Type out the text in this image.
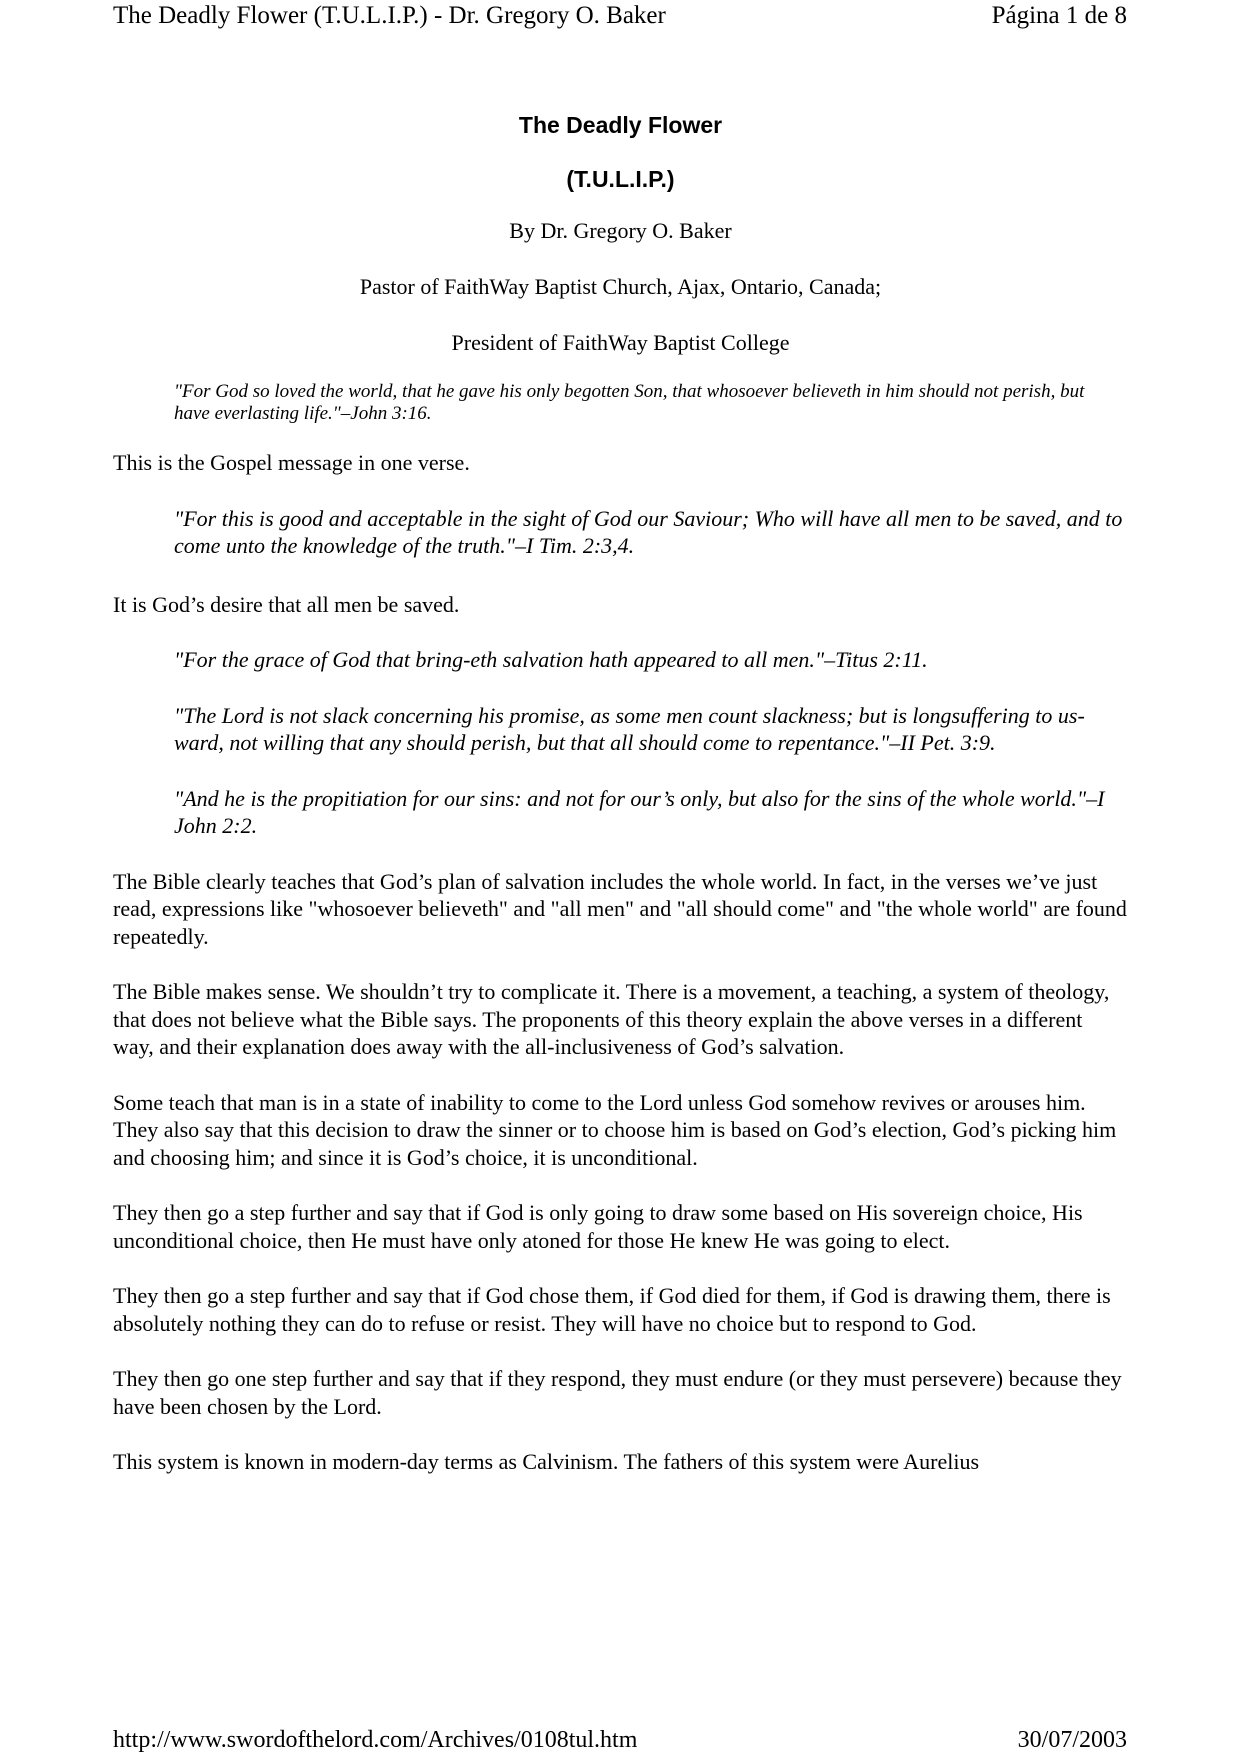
The Deadly Flower (T.U.L.I.P.) - Dr. Gregory O. Baker	Página 1 de 8
The Deadly Flower
(T.U.L.I.P.)
By Dr. Gregory O. Baker
Pastor of FaithWay Baptist Church, Ajax, Ontario, Canada;
President of FaithWay Baptist College
"For God so loved the world, that he gave his only begotten Son, that whosoever believeth in him should not perish, but have everlasting life."–John 3:16.

This is the Gospel message in one verse.

"For this is good and acceptable in the sight of God our Saviour; Who will have all men to be saved, and to come unto the knowledge of the truth."–I Tim. 2:3,4.

It is God’s desire that all men be saved.

"For the grace of God that bring-eth salvation hath appeared to all men."–Titus 2:11.

"The Lord is not slack concerning his promise, as some men count slackness; but is longsuffering to us-ward, not willing that any should perish, but that all should come to repentance."–II Pet. 3:9.

"And he is the propitiation for our sins: and not for our’s only, but also for the sins of the whole world."–I John 2:2.

The Bible clearly teaches that God’s plan of salvation includes the whole world. In fact, in the verses we’ve just read, expressions like "whosoever believeth" and "all men" and "all should come" and "the whole world" are found repeatedly.

The Bible makes sense. We shouldn’t try to complicate it. There is a movement, a teaching, a system of theology, that does not believe what the Bible says. The proponents of this theory explain the above verses in a different way, and their explanation does away with the all-inclusiveness of God’s salvation.

Some teach that man is in a state of inability to come to the Lord unless God somehow revives or arouses him. They also say that this decision to draw the sinner or to choose him is based on God’s election, God’s picking him and choosing him; and since it is God’s choice, it is unconditional.

They then go a step further and say that if God is only going to draw some based on His sovereign choice, His unconditional choice, then He must have only atoned for those He knew He was going to elect.

They then go a step further and say that if God chose them, if God died for them, if God is drawing them, there is absolutely nothing they can do to refuse or resist. They will have no choice but to respond to God.

They then go one step further and say that if they respond, they must endure (or they must persevere) because they have been chosen by the Lord.

This system is known in modern-day terms as Calvinism. The fathers of this system were Aurelius

http://www.swordofthelord.com/Archives/0108tul.htm	30/07/2003
